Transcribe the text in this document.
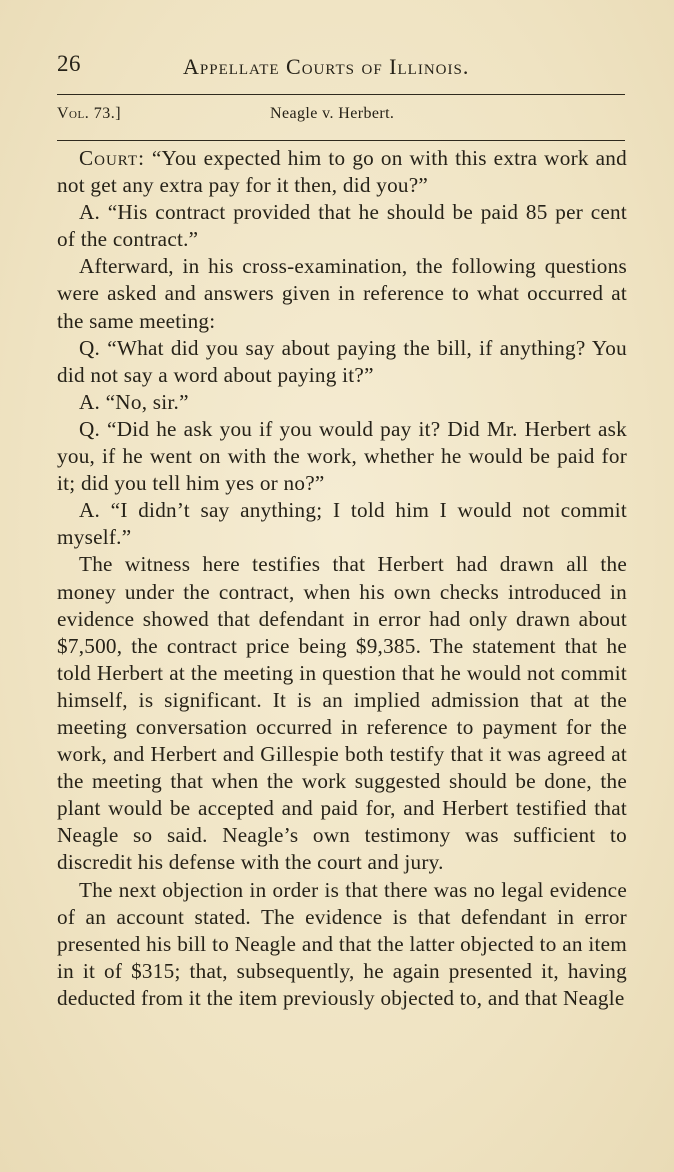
26	Appellate Courts of Illinois.
Vol. 73.]	Neagle v. Herbert.

Court: “You expected him to go on with this extra work and not get any extra pay for it then, did you?”

A. “His contract provided that he should be paid 85 per cent of the contract.”

Afterward, in his cross-examination, the following questions were asked and answers given in reference to what occurred at the same meeting:

Q. “What did you say about paying the bill, if anything? You did not say a word about paying it?”

A. “No, sir.”

Q. “Did he ask you if you would pay it? Did Mr. Herbert ask you, if he went on with the work, whether he would be paid for it; did you tell him yes or no?”

A. “I didn’t say anything; I told him I would not commit myself.”

The witness here testifies that Herbert had drawn all the money under the contract, when his own checks introduced in evidence showed that defendant in error had only drawn about $7,500, the contract price being $9,385. The statement that he told Herbert at the meeting in question that he would not commit himself, is significant. It is an implied admission that at the meeting conversation occurred in reference to payment for the work, and Herbert and Gillespie both testify that it was agreed at the meeting that when the work suggested should be done, the plant would be accepted and paid for, and Herbert testified that Neagle so said. Neagle’s own testimony was sufficient to discredit his defense with the court and jury.

The next objection in order is that there was no legal evidence of an account stated. The evidence is that defendant in error presented his bill to Neagle and that the latter objected to an item in it of $315; that, subsequently, he again presented it, having deducted from it the item previously objected to, and that Neagle
